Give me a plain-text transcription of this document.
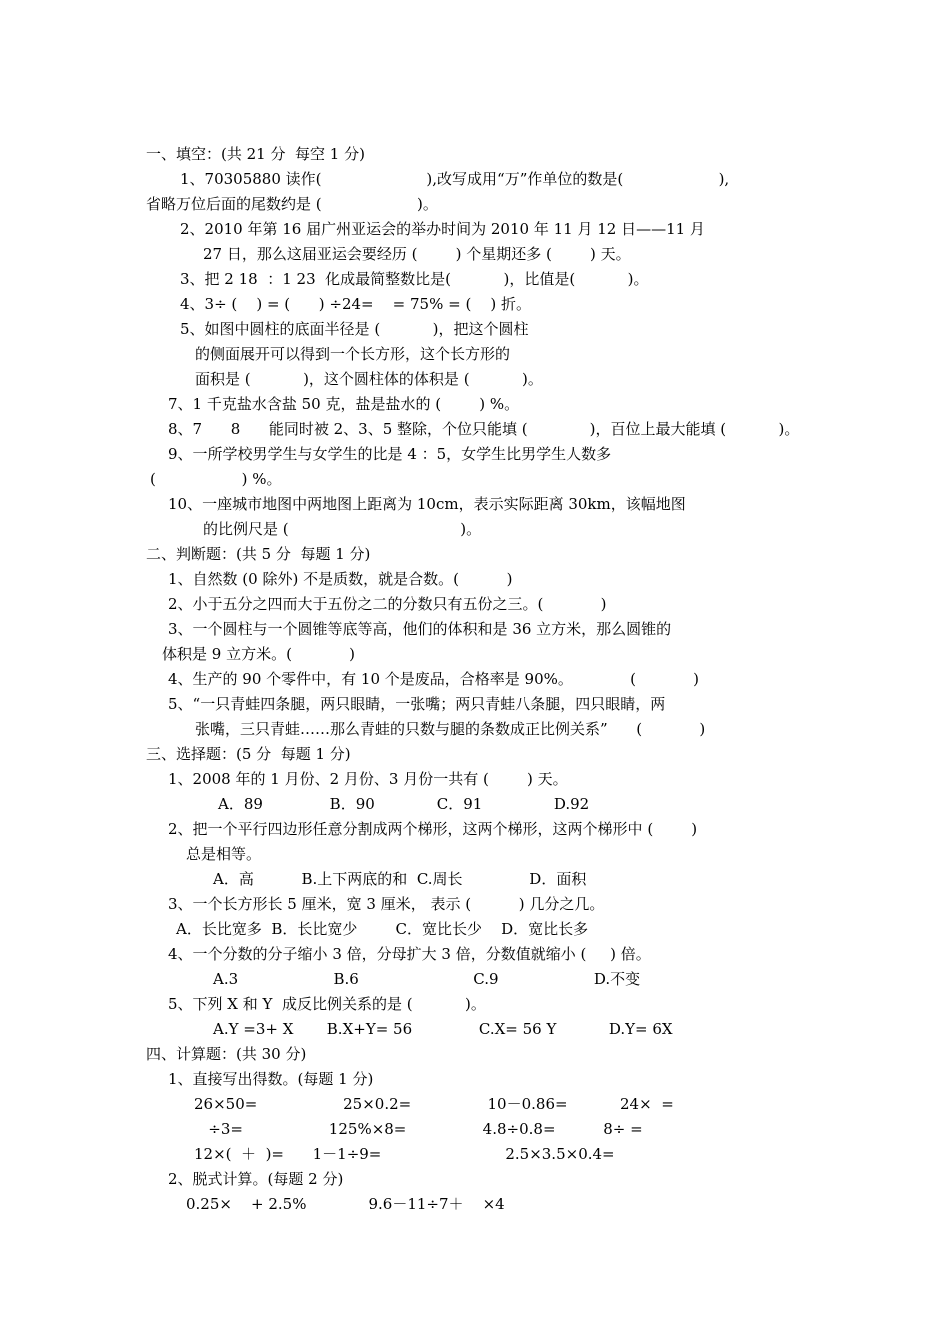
一、填空：(共 21 分  每空 1 分)
1、70305880 读作(                      ),改写成用“万”作单位的数是(                    ),
省略万位后面的尾数约是 (                    )。
2、2010 年第 16 届广州亚运会的举办时间为 2010 年 11 月 12 日——11 月
27 日，那么这届亚运会要经历 (        ) 个星期还多 (        ) 天。
3、把 2 18  ：1 23  化成最简整数比是(           )，比值是(           )。
4、3÷ (    ) = (      ) ÷24=    = 75% = (    ) 折。
5、如图中圆柱的底面半径是 (           )，把这个圆柱
的侧面展开可以得到一个长方形，这个长方形的
面积是 (           )，这个圆柱体的体积是 (           )。
7、1 千克盐水含盐 50 克，盐是盐水的 (        ) %。
8、7      8      能同时被 2、3、5 整除，个位只能填 (             )，百位上最大能填 (           )。
9、一所学校男学生与女学生的比是 4 ：5，女学生比男学生人数多
(                  ) %。
10、一座城市地图中两地图上距离为 10cm，表示实际距离 30km，该幅地图
的比例尺是 (                                    )。
二、判断题：(共 5 分  每题 1 分)
1、自然数 (0 除外) 不是质数，就是合数。(          )
2、小于五分之四而大于五份之二的分数只有五份之三。(            )
3、一个圆柱与一个圆锥等底等高，他们的体积和是 36 立方米，那么圆锥的
体积是 9 立方米。(            )
4、生产的 90 个零件中，有 10 个是废品，合格率是 90%。            (            )
5、“一只青蛙四条腿，两只眼睛，一张嘴；两只青蛙八条腿，四只眼睛，两
张嘴，三只青蛙……那么青蛙的只数与腿的条数成正比例关系”      (            )
三、选择题：(5 分  每题 1 分)
1、2008 年的 1 月份、2 月份、3 月份一共有 (        ) 天。
A．89              B．90             C．91               D.92
2、把一个平行四边形任意分割成两个梯形，这两个梯形，这两个梯形中 (        )
总是相等。
A．高          B.上下两底的和  C.周长              D．面积
3、一个长方形长 5 厘米，宽 3 厘米， 表示 (          ) 几分之几。
A．长比宽多  B．长比宽少        C．宽比长少    D．宽比长多
4、一个分数的分子缩小 3 倍，分母扩大 3 倍，分数值就缩小 (     ) 倍。
A.3                    B.6                        C.9                    D.不变
5、下列 X 和 Y  成反比例关系的是 (           )。
A.Y =3+ X       B.X+Y= 56              C.X= 56 Y           D.Y= 6X
四、计算题：(共 30 分)
1、直接写出得数。(每题 1 分)
26×50=                  25×0.2=                10－0.86=           24×  =
÷3=                  125%×8=                4.8÷0.8=          8÷ =
12×(  ＋  )=      1－1÷9=                          2.5×3.5×0.4=
2、脱式计算。(每题 2 分)
0.25×    + 2.5%             9.6－11÷7＋    ×4
